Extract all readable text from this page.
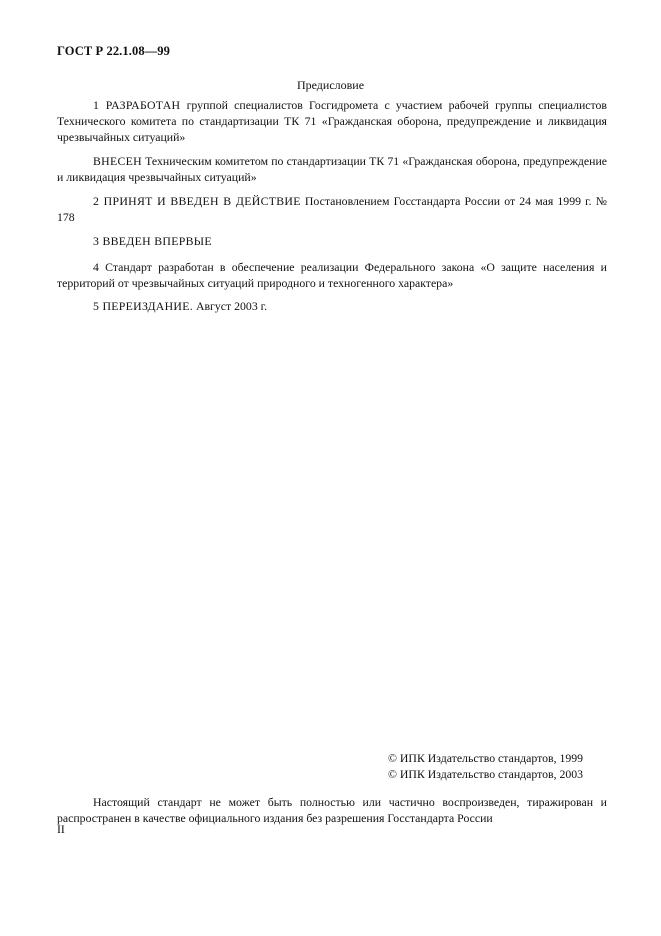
ГОСТ Р 22.1.08—99
Предисловие
1 РАЗРАБОТАН группой специалистов Госгидромета с участием рабочей группы специалистов Технического комитета по стандартизации ТК 71 «Гражданская оборона, предупреждение и ликвидация чрезвычайных ситуаций»
ВНЕСЕН Техническим комитетом по стандартизации ТК 71 «Гражданская оборона, предупреждение и ликвидация чрезвычайных ситуаций»
2 ПРИНЯТ И ВВЕДЕН В ДЕЙСТВИЕ Постановлением Госстандарта России от 24 мая 1999 г. № 178
3 ВВЕДЕН ВПЕРВЫЕ
4 Стандарт разработан в обеспечение реализации Федерального закона «О защите населения и территорий от чрезвычайных ситуаций природного и техногенного характера»
5 ПЕРЕИЗДАНИЕ. Август 2003 г.
© ИПК Издательство стандартов, 1999
© ИПК Издательство стандартов, 2003
Настоящий стандарт не может быть полностью или частично воспроизведен, тиражирован и распространен в качестве официального издания без разрешения Госстандарта России
II
